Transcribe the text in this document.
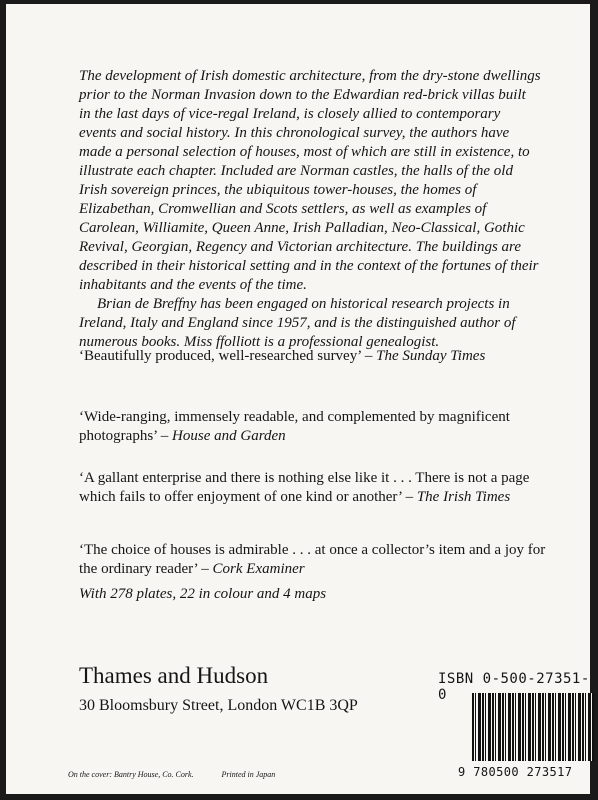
The development of Irish domestic architecture, from the dry-stone dwellings prior to the Norman Invasion down to the Edwardian red-brick villas built in the last days of vice-regal Ireland, is closely allied to contemporary events and social history. In this chronological survey, the authors have made a personal selection of houses, most of which are still in existence, to illustrate each chapter. Included are Norman castles, the halls of the old Irish sovereign princes, the ubiquitous tower-houses, the homes of Elizabethan, Cromwellian and Scots settlers, as well as examples of Carolean, Williamite, Queen Anne, Irish Palladian, Neo-Classical, Gothic Revival, Georgian, Regency and Victorian architecture. The buildings are described in their historical setting and in the context of the fortunes of their inhabitants and the events of the time.

Brian de Breffny has been engaged on historical research projects in Ireland, Italy and England since 1957, and is the distinguished author of numerous books. Miss ffolliott is a professional genealogist.

‘Beautifully produced, well-researched survey’ – The Sunday Times
‘Wide-ranging, immensely readable, and complemented by magnificent photographs’ – House and Garden
‘A gallant enterprise and there is nothing else like it . . . There is not a page which fails to offer enjoyment of one kind or another’ – The Irish Times
‘The choice of houses is admirable . . . at once a collector’s item and a joy for the ordinary reader’ – Cork Examiner
With 278 plates, 22 in colour and 4 maps
Thames and Hudson
30 Bloomsbury Street, London WC1B 3QP
ISBN 0-500-27351-0
9 780500 273517
On the cover: Bantry House, Co. Cork.	Printed in Japan
